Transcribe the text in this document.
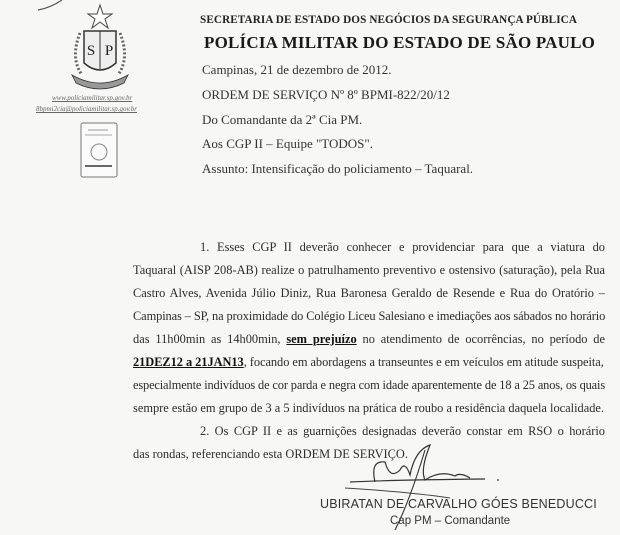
S P
www.policiamilitar.sp.gov.br
8bpmi2cia@policiamilitar.sp.gov.br
SECRETARIA DE ESTADO DOS NEGÓCIOS DA SEGURANÇA PÚBLICA
POLÍCIA MILITAR DO ESTADO DE SÃO PAULO
Campinas, 21 de dezembro de 2012.
ORDEM DE SERVIÇO Nº 8º BPMI-822/20/12
Do Comandante da 2ª Cia PM.
Aos CGP II – Equipe "TODOS".
Assunto: Intensificação do policiamento – Taquaral.
1. Esses CGP II deverão conhecer e providenciar para que a viatura do
Taquaral (AISP 208-AB) realize o patrulhamento preventivo e ostensivo (saturação), pela Rua
Castro Alves, Avenida Júlio Diniz, Rua Baronesa Geraldo de Resende e Rua do Oratório –
Campinas – SP, na proximidade do Colégio Liceu Salesiano e imediações aos sábados no horário
das 11h00min as 14h00min, sem prejuízo no atendimento de ocorrências, no período de
21DEZ12 a 21JAN13, focando em abordagens a transeuntes e em veículos em atitude suspeita,
especialmente indivíduos de cor parda e negra com idade aparentemente de 18 a 25 anos, os quais
sempre estão em grupo de 3 a 5 indivíduos na prática de roubo a residência daquela localidade.
2. Os CGP II e as guarnições designadas deverão constar em RSO o horário
das rondas, referenciando esta ORDEM DE SERVIÇO.
UBIRATAN DE CARVALHO GÓES BENEDUCCI
Cap PM – Comandante
